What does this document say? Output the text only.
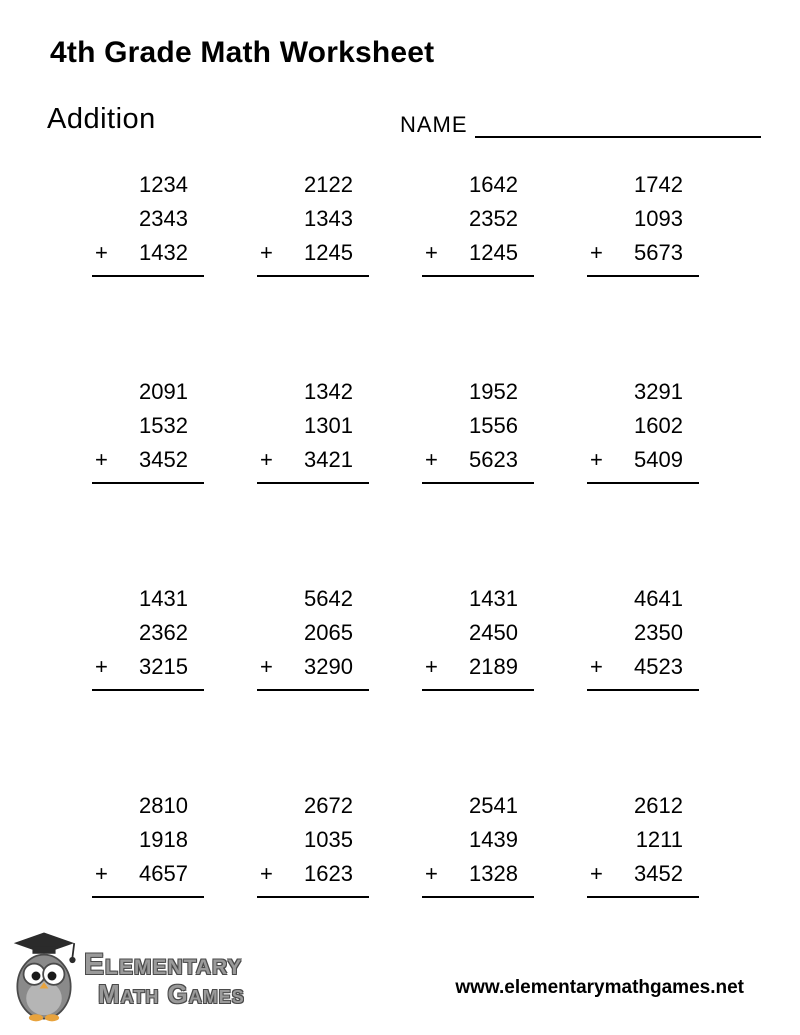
4th Grade Math Worksheet
Addition	NAME
1234
2343
+ 1432
2122
1343
+ 1245
1642
2352
+ 1245
1742
1093
+ 5673
2091
1532
+ 3452
1342
1301
+ 3421
1952
1556
+ 5623
3291
1602
+ 5409
1431
2362
+ 3215
5642
2065
+ 3290
1431
2450
+ 2189
4641
2350
+ 4523
2810
1918
+ 4657
2672
1035
+ 1623
2541
1439
+ 1328
2612
1211
+ 3452
Elementary
Math Games	www.elementarymathgames.net
